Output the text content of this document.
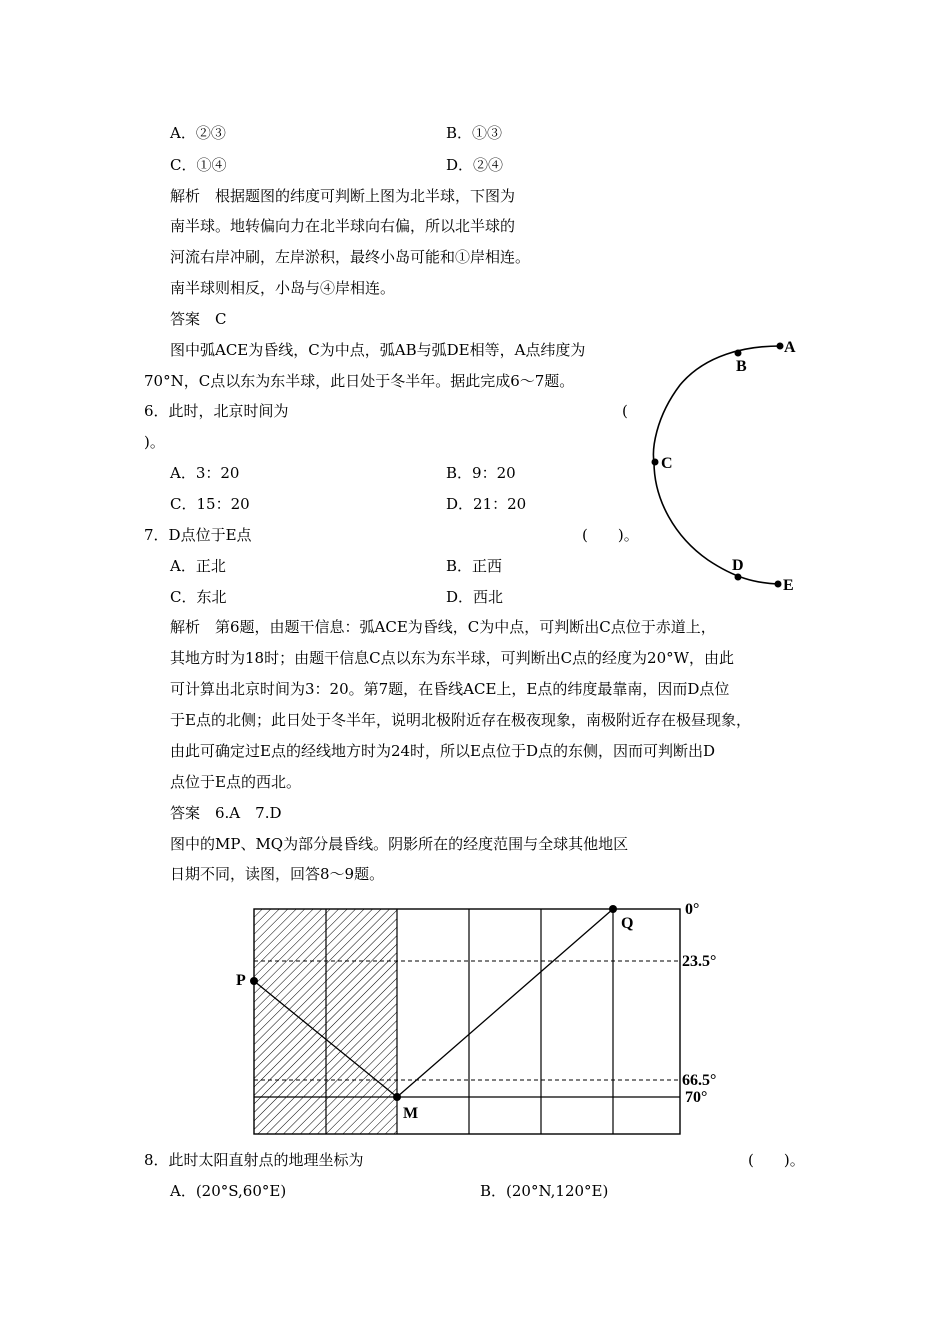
A．②③	B．①③
C．①④	D．②④
解析　根据题图的纬度可判断上图为北半球，下图为
南半球。地转偏向力在北半球向右偏，所以北半球的
河流右岸冲刷，左岸淤积，最终小岛可能和①岸相连。
南半球则相反，小岛与④岸相连。
答案　C
图中弧ACE为昏线，C为中点，弧AB与弧DE相等，A点纬度为
70°N，C点以东为东半球，此日处于冬半年。据此完成6～7题。
6．此时，北京时间为	(
)。
A．3：20	B．9：20
C．15：20	D．21：20
7．D点位于E点	(　　)。
A．正北	B．正西
C．东北	D．西北
A
B
C
D
E
解析　第6题，由题干信息：弧ACE为昏线，C为中点，可判断出C点位于赤道上，
其地方时为18时；由题干信息C点以东为东半球，可判断出C点的经度为20°W，由此
可计算出北京时间为3：20。第7题，在昏线ACE上，E点的纬度最靠南，因而D点位
于E点的北侧；此日处于冬半年，说明北极附近存在极夜现象，南极附近存在极昼现象，
由此可确定过E点的经线地方时为24时，所以E点位于D点的东侧，因而可判断出D
点位于E点的西北。
答案　6.A　7.D
图中的MP、MQ为部分晨昏线。阴影所在的经度范围与全球其他地区
日期不同，读图，回答8～9题。
P
M
Q
0°
23.5°
66.5°
70°
8．此时太阳直射点的地理坐标为	(　　)。
A．(20°S,60°E)	B．(20°N,120°E)
